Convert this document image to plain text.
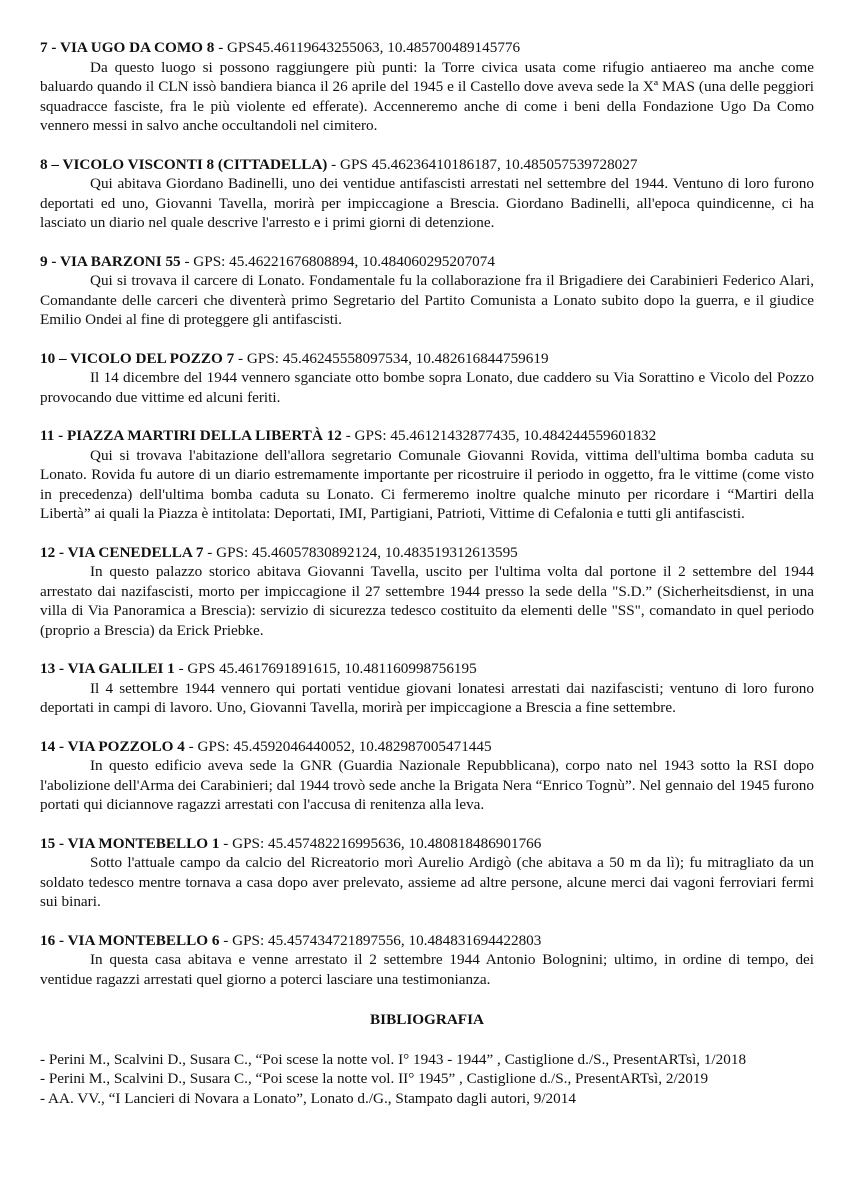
7 - VIA UGO DA COMO 8 - GPS45.46119643255063, 10.485700489145776

Da questo luogo si possono raggiungere più punti: la Torre civica usata come rifugio antiaereo ma anche come baluardo quando il CLN issò bandiera bianca il 26 aprile del 1945 e il Castello dove aveva sede la Xª MAS (una delle peggiori squadracce fasciste, fra le più violente ed efferate). Accenneremo anche di come i beni della Fondazione Ugo Da Como vennero messi in salvo anche occultandoli nel cimitero.

8 – VICOLO VISCONTI 8 (CITTADELLA) - GPS 45.46236410186187, 10.485057539728027

Qui abitava Giordano Badinelli, uno dei ventidue antifascisti arrestati nel settembre del 1944. Ventuno di loro furono deportati ed uno, Giovanni Tavella, morirà per impiccagione a Brescia. Giordano Badinelli, all'epoca quindicenne, ci ha lasciato un diario nel quale descrive l'arresto e i primi giorni di detenzione.

9 - VIA BARZONI 55 - GPS: 45.46221676808894, 10.484060295207074

Qui si trovava il carcere di Lonato. Fondamentale fu la collaborazione fra il Brigadiere dei Carabinieri Federico Alari, Comandante delle carceri che diventerà primo Segretario del Partito Comunista a Lonato subito dopo la guerra, e il giudice Emilio Ondei al fine di proteggere gli antifascisti.

10 – VICOLO DEL POZZO 7 - GPS: 45.46245558097534, 10.482616844759619

Il 14 dicembre del 1944 vennero sganciate otto bombe sopra Lonato, due caddero su Via Sorattino e Vicolo del Pozzo provocando due vittime ed alcuni feriti.

11 - PIAZZA MARTIRI DELLA LIBERTÀ 12 - GPS: 45.46121432877435, 10.484244559601832

Qui si trovava l'abitazione dell'allora segretario Comunale Giovanni Rovida, vittima dell'ultima bomba caduta su Lonato. Rovida fu autore di un diario estremamente importante per ricostruire il periodo in oggetto, fra le vittime (come visto in precedenza) dell'ultima bomba caduta su Lonato. Ci fermeremo inoltre qualche minuto per ricordare i “Martiri della Libertà” ai quali la Piazza è intitolata: Deportati, IMI, Partigiani, Patrioti, Vittime di Cefalonia e tutti gli antifascisti.

12 - VIA CENEDELLA 7 - GPS: 45.46057830892124, 10.483519312613595

In questo palazzo storico abitava Giovanni Tavella, uscito per l'ultima volta dal portone il 2 settembre del 1944 arrestato dai nazifascisti, morto per impiccagione il 27 settembre 1944 presso la sede della "S.D.” (Sicherheitsdienst, in una villa di Via Panoramica a Brescia): servizio di sicurezza tedesco costituito da elementi delle "SS", comandato in quel periodo (proprio a Brescia) da Erick Priebke.

13 - VIA GALILEI 1 - GPS 45.4617691891615, 10.481160998756195

Il 4 settembre 1944 vennero qui portati ventidue giovani lonatesi arrestati dai nazifascisti; ventuno di loro furono deportati in campi di lavoro. Uno, Giovanni Tavella, morirà per impiccagione a Brescia a fine settembre.

14 - VIA POZZOLO 4 - GPS: 45.4592046440052, 10.482987005471445

In questo edificio aveva sede la GNR (Guardia Nazionale Repubblicana), corpo nato nel 1943 sotto la RSI dopo l'abolizione dell'Arma dei Carabinieri; dal 1944 trovò sede anche la Brigata Nera “Enrico Tognù”. Nel gennaio del 1945 furono portati qui diciannove ragazzi arrestati con l'accusa di renitenza alla leva.

15 - VIA MONTEBELLO 1 - GPS: 45.457482216995636, 10.480818486901766

Sotto l'attuale campo da calcio del Ricreatorio morì Aurelio Ardigò (che abitava a 50 m da lì); fu mitragliato da un soldato tedesco mentre tornava a casa dopo aver prelevato, assieme ad altre persone, alcune merci dai vagoni ferroviari fermi sui binari.

16 - VIA MONTEBELLO 6 - GPS: 45.457434721897556, 10.484831694422803

In questa casa abitava e venne arrestato il 2 settembre 1944 Antonio Bolognini; ultimo, in ordine di tempo, dei ventidue ragazzi arrestati quel giorno a poterci lasciare una testimonianza.

BIBLIOGRAFIA
- Perini M., Scalvini D., Susara C., “Poi scese la notte vol. I° 1943 - 1944” , Castiglione d./S., PresentARTsì, 1/2018
- Perini M., Scalvini D., Susara C., “Poi scese la notte vol. II° 1945” , Castiglione d./S., PresentARTsì, 2/2019
- AA. VV., “I Lancieri di Novara a Lonato”, Lonato d./G., Stampato dagli autori, 9/2014
